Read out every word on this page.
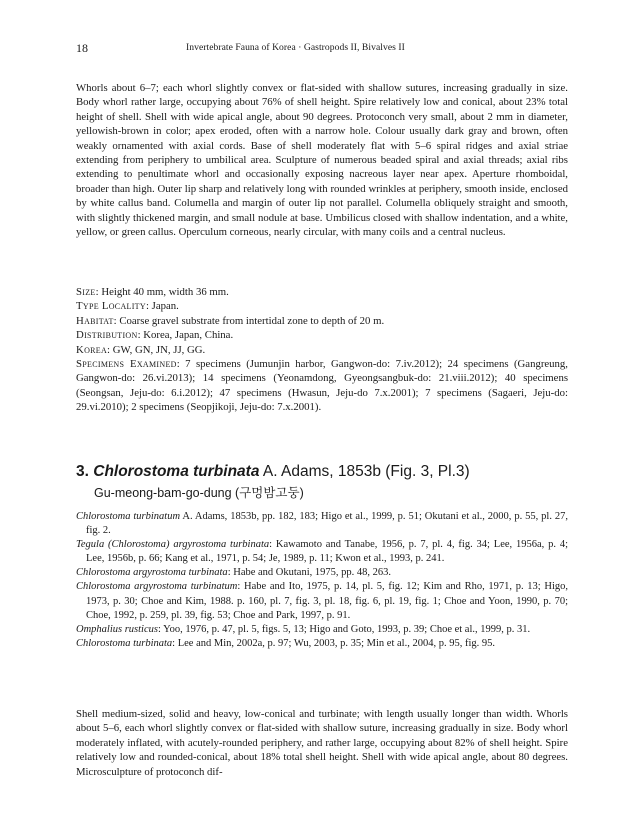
18	Invertebrate Fauna of Korea · Gastropods II, Bivalves II
Whorls about 6–7; each whorl slightly convex or flat-sided with shallow sutures, increasing gradually in size. Body whorl rather large, occupying about 76% of shell height. Spire relatively low and conical, about 23% total height of shell. Shell with wide apical angle, about 90 degrees. Protoconch very small, about 2 mm in diameter, yellowish-brown in color; apex eroded, often with a narrow hole. Colour usually dark gray and brown, often weakly ornamented with axial cords. Base of shell moderately flat with 5–6 spiral ridges and axial striae extending from periphery to umbilical area. Sculpture of numerous beaded spiral and axial threads; axial ribs extending to penultimate whorl and occasionally exposing nacreous layer near apex. Aperture rhomboidal, broader than high. Outer lip sharp and relatively long with rounded wrinkles at periphery, smooth inside, enclosed by white callus band. Columella and margin of outer lip not parallel. Columella obliquely straight and smooth, with slightly thickened margin, and small nodule at base. Umbilicus closed with shallow indentation, and a white, yellow, or green callus. Operculum corneous, nearly circular, with many coils and a central nucleus.
Size: Height 40 mm, width 36 mm.
Type Locality: Japan.
Habitat: Coarse gravel substrate from intertidal zone to depth of 20 m.
Distribution: Korea, Japan, China.
Korea: GW, GN, JN, JJ, GG.
Specimens Examined: 7 specimens (Jumunjin harbor, Gangwon-do: 7.iv.2012); 24 specimens (Gangreung, Gangwon-do: 26.vi.2013); 14 specimens (Yeonamdong, Gyeongsangbuk-do: 21.viii.2012); 40 specimens (Seongsan, Jeju-do: 6.i.2012); 47 specimens (Hwasun, Jeju-do 7.x.2001); 7 specimens (Sagaeri, Jeju-do: 29.vi.2010); 2 specimens (Seopjikoji, Jeju-do: 7.x.2001).
3. Chlorostoma turbinata A. Adams, 1853b (Fig. 3, Pl.3)
Gu-meong-bam-go-dung (구멍밤고둥)
Chlorostoma turbinatum A. Adams, 1853b, pp. 182, 183; Higo et al., 1999, p. 51; Okutani et al., 2000, p. 55, pl. 27, fig. 2.
Tegula (Chlorostoma) argyrostoma turbinata: Kawamoto and Tanabe, 1956, p. 7, pl. 4, fig. 34; Lee, 1956a, p. 4; Lee, 1956b, p. 66; Kang et al., 1971, p. 54; Je, 1989, p. 11; Kwon et al., 1993, p. 241.
Chlorostoma argyrostoma turbinata: Habe and Okutani, 1975, pp. 48, 263.
Chlorostoma argyrostoma turbinatum: Habe and Ito, 1975, p. 14, pl. 5, fig. 12; Kim and Rho, 1971, p. 13; Higo, 1973, p. 30; Choe and Kim, 1988. p. 160, pl. 7, fig. 3, pl. 18, fig. 6, pl. 19, fig. 1; Choe and Yoon, 1990, p. 70; Choe, 1992, p. 259, pl. 39, fig. 53; Choe and Park, 1997, p. 91.
Omphalius rusticus: Yoo, 1976, p. 47, pl. 5, figs. 5, 13; Higo and Goto, 1993, p. 39; Choe et al., 1999, p. 31.
Chlorostoma turbinata: Lee and Min, 2002a, p. 97; Wu, 2003, p. 35; Min et al., 2004, p. 95, fig. 95.
Shell medium-sized, solid and heavy, low-conical and turbinate; with length usually longer than width. Whorls about 5–6, each whorl slightly convex or flat-sided with shallow suture, increasing gradually in size. Body whorl moderately inflated, with acutely-rounded periphery, and rather large, occupying about 82% of shell height. Spire relatively low and rounded-conical, about 18% total shell height. Shell with wide apical angle, about 80 degrees. Microsculpture of protoconch dif-
